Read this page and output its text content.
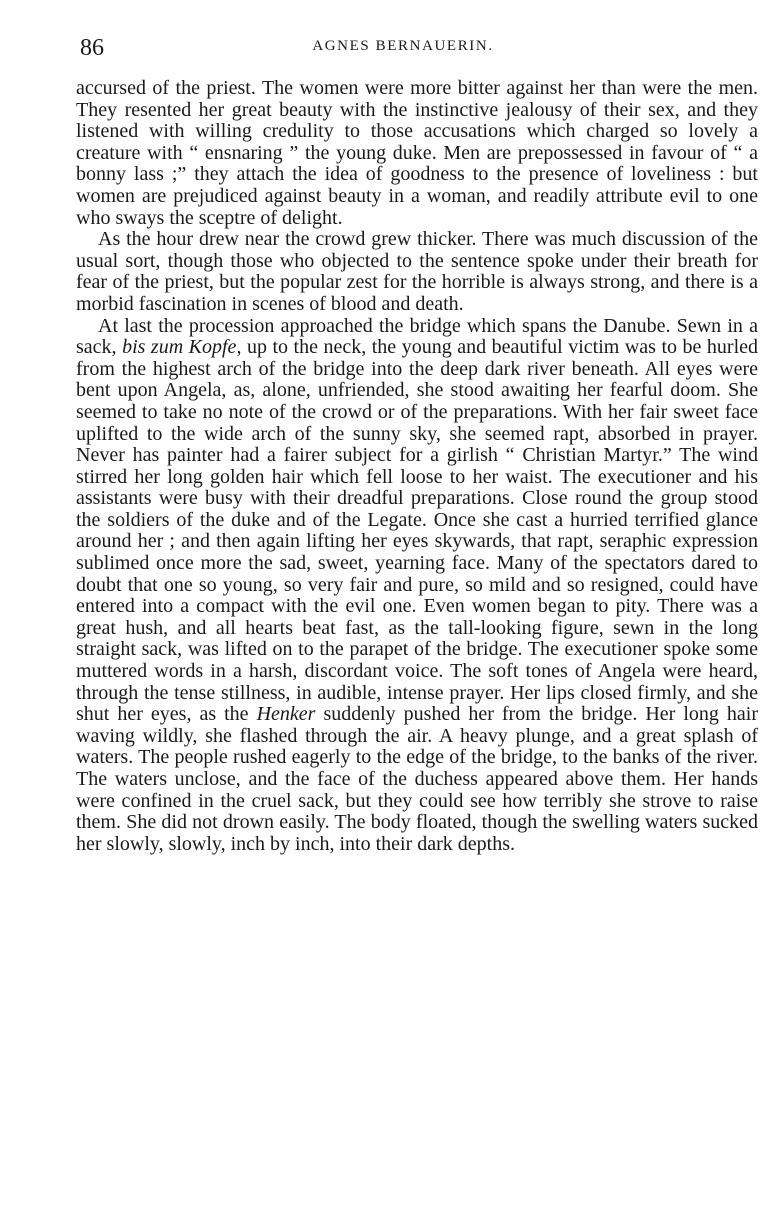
86	AGNES BERNAUERIN.

accursed of the priest. The women were more bitter against her than were the men. They resented her great beauty with the instinctive jealousy of their sex, and they listened with willing credulity to those accusations which charged so lovely a creature with “ ensnaring ” the young duke. Men are prepossessed in favour of “ a bonny lass ;” they attach the idea of goodness to the presence of loveliness : but women are prejudiced against beauty in a woman, and readily attribute evil to one who sways the sceptre of delight.

As the hour drew near the crowd grew thicker. There was much discussion of the usual sort, though those who objected to the sentence spoke under their breath for fear of the priest, but the popular zest for the horrible is always strong, and there is a morbid fascination in scenes of blood and death.

At last the procession approached the bridge which spans the Danube. Sewn in a sack, bis zum Kopfe, up to the neck, the young and beautiful victim was to be hurled from the highest arch of the bridge into the deep dark river beneath. All eyes were bent upon Angela, as, alone, unfriended, she stood awaiting her fearful doom. She seemed to take no note of the crowd or of the preparations. With her fair sweet face uplifted to the wide arch of the sunny sky, she seemed rapt, absorbed in prayer. Never has painter had a fairer subject for a girlish “ Christian Martyr.” The wind stirred her long golden hair which fell loose to her waist. The executioner and his assistants were busy with their dreadful preparations. Close round the group stood the soldiers of the duke and of the Legate. Once she cast a hurried terrified glance around her ; and then again lifting her eyes skywards, that rapt, seraphic expression sublimed once more the sad, sweet, yearning face. Many of the spectators dared to doubt that one so young, so very fair and pure, so mild and so resigned, could have entered into a compact with the evil one. Even women began to pity. There was a great hush, and all hearts beat fast, as the tall-looking figure, sewn in the long straight sack, was lifted on to the parapet of the bridge. The executioner spoke some muttered words in a harsh, discordant voice. The soft tones of Angela were heard, through the tense stillness, in audible, intense prayer. Her lips closed firmly, and she shut her eyes, as the Henker suddenly pushed her from the bridge. Her long hair waving wildly, she flashed through the air. A heavy plunge, and a great splash of waters. The people rushed eagerly to the edge of the bridge, to the banks of the river. The waters unclose, and the face of the duchess appeared above them. Her hands were confined in the cruel sack, but they could see how terribly she strove to raise them. She did not drown easily. The body floated, though the swelling waters sucked her slowly, slowly, inch by inch, into their dark depths.
